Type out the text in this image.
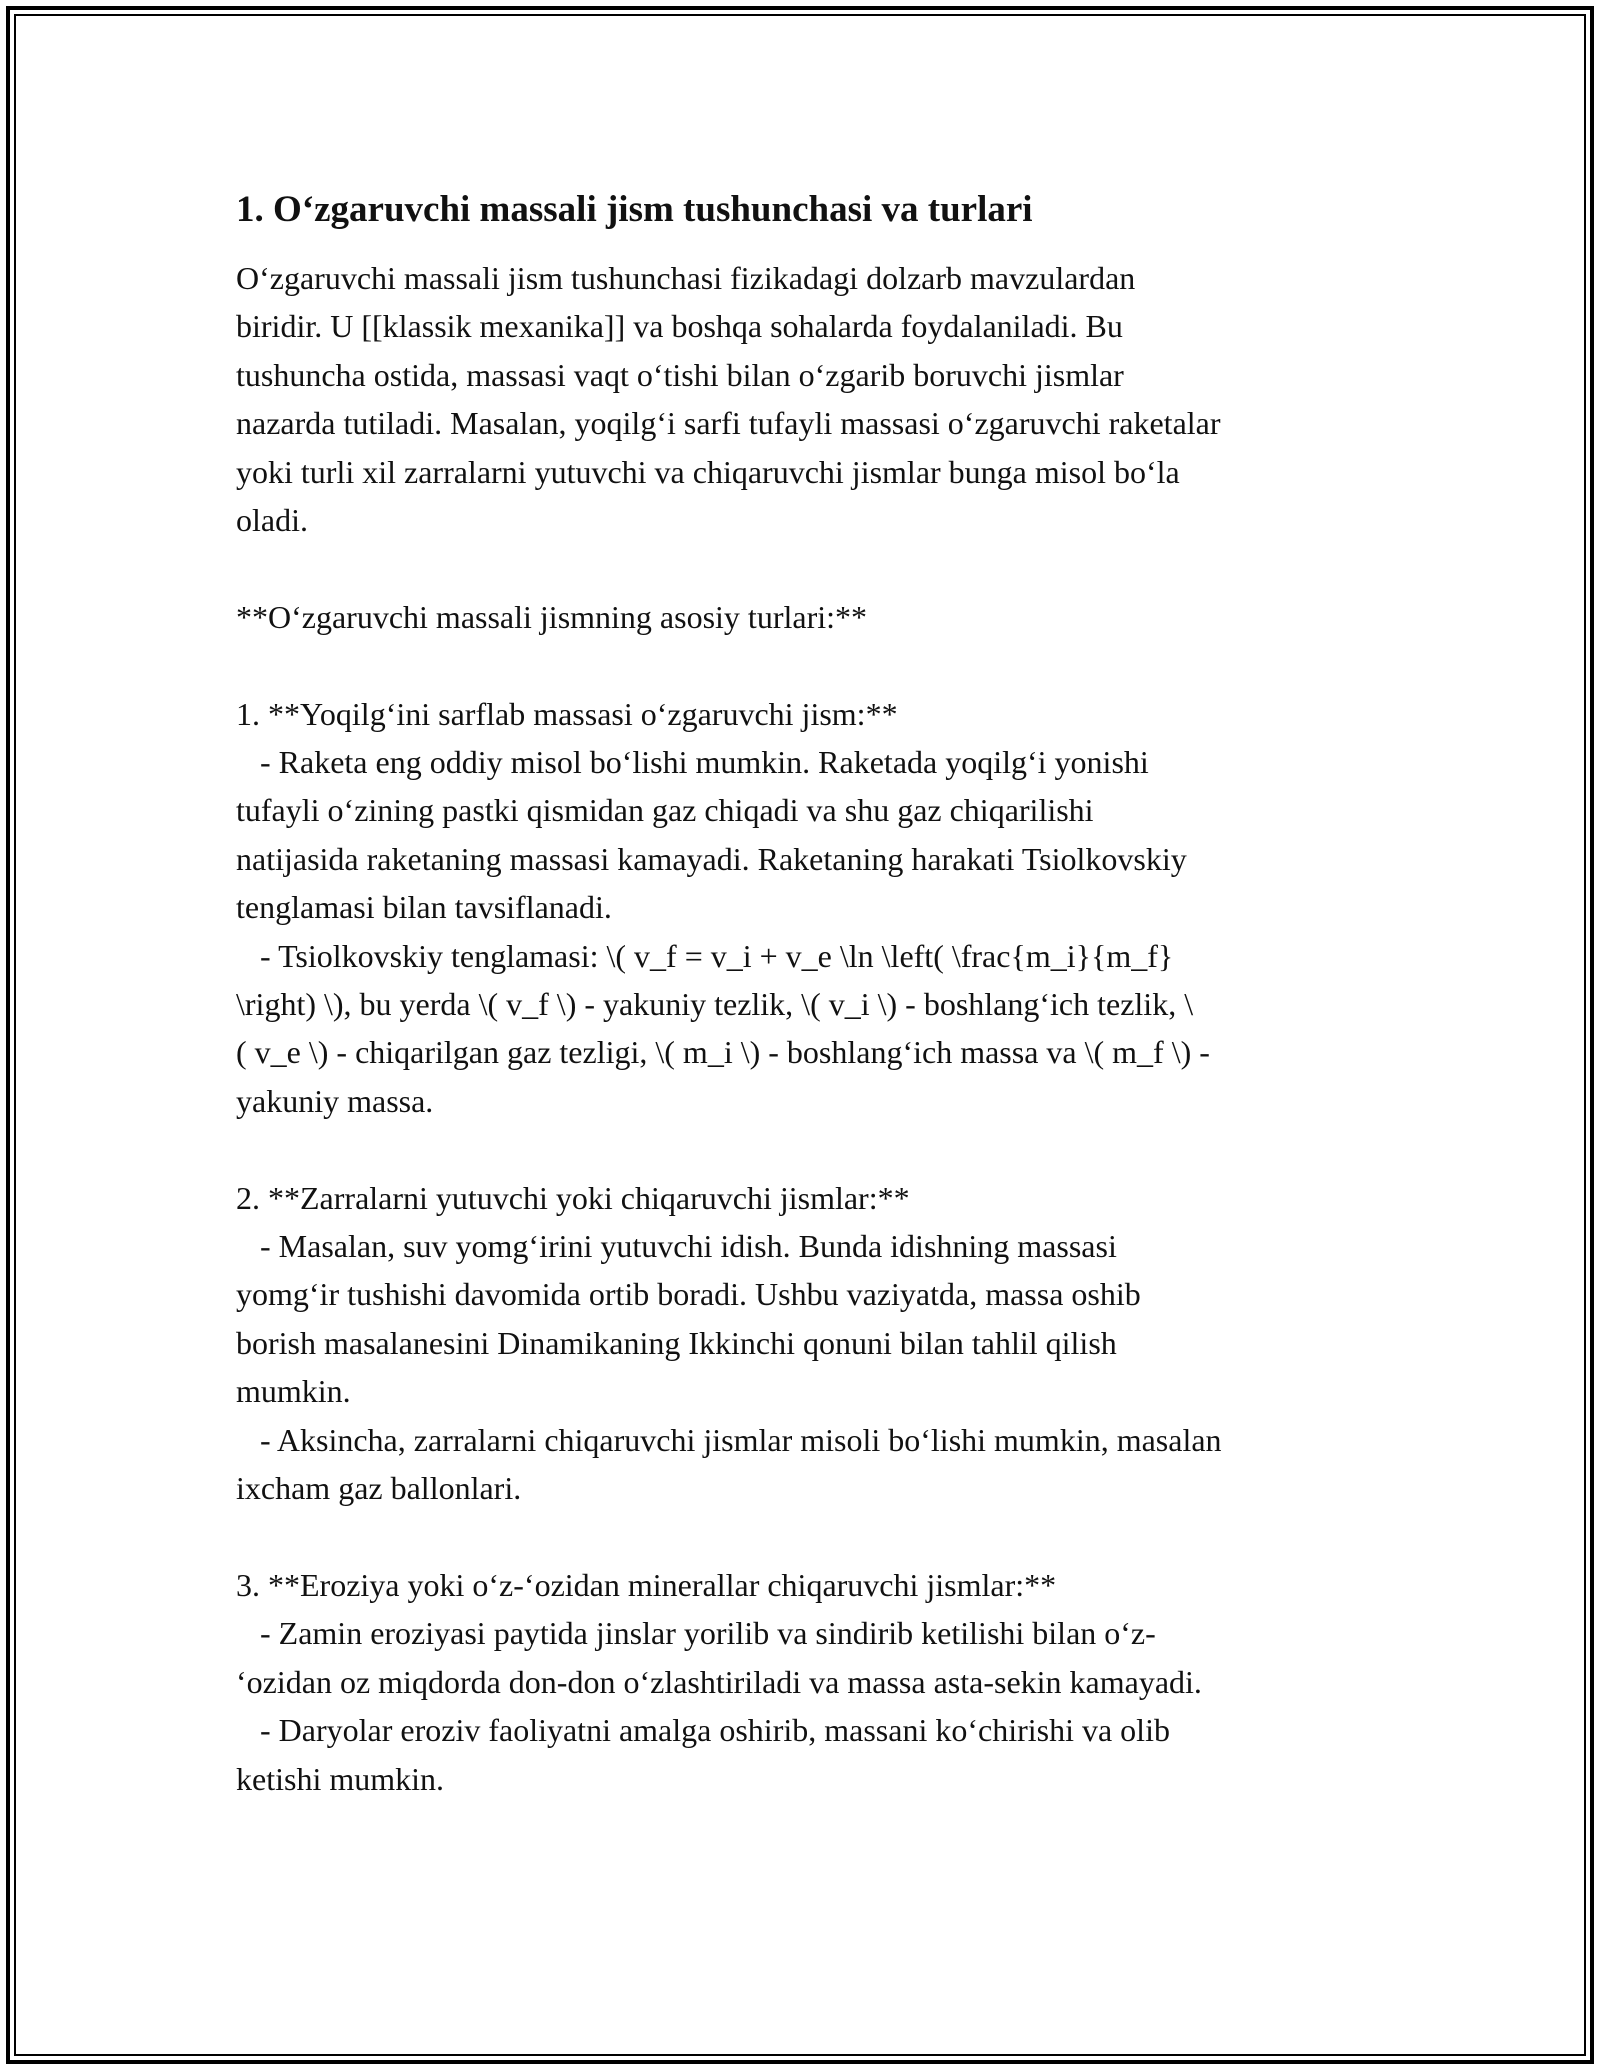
1. O‘zgaruvchi massali jism tushunchasi va turlari

O‘zgaruvchi massali jism tushunchasi fizikadagi dolzarb mavzulardan
biridir. U [[klassik mexanika]] va boshqa sohalarda foydalaniladi. Bu
tushuncha ostida, massasi vaqt o‘tishi bilan o‘zgarib boruvchi jismlar
nazarda tutiladi. Masalan, yoqilg‘i sarfi tufayli massasi o‘zgaruvchi raketalar
yoki turli xil zarralarni yutuvchi va chiqaruvchi jismlar bunga misol bo‘la
oladi.

**O‘zgaruvchi massali jismning asosiy turlari:**

1. **Yoqilg‘ini sarflab massasi o‘zgaruvchi jism:**
- Raketa eng oddiy misol bo‘lishi mumkin. Raketada yoqilg‘i yonishi
tufayli o‘zining pastki qismidan gaz chiqadi va shu gaz chiqarilishi
natijasida raketaning massasi kamayadi. Raketaning harakati Tsiolkovskiy
tenglamasi bilan tavsiflanadi.
- Tsiolkovskiy tenglamasi: \( v_f = v_i + v_e \ln \left( \frac{m_i}{m_f}
\right) \), bu yerda \( v_f \) - yakuniy tezlik, \( v_i \) - boshlang‘ich tezlik, \
( v_e \) - chiqarilgan gaz tezligi, \( m_i \) - boshlang‘ich massa va \( m_f \) -
yakuniy massa.

2. **Zarralarni yutuvchi yoki chiqaruvchi jismlar:**
- Masalan, suv yomg‘irini yutuvchi idish. Bunda idishning massasi
yomg‘ir tushishi davomida ortib boradi. Ushbu vaziyatda, massa oshib
borish masalanesini Dinamikaning Ikkinchi qonuni bilan tahlil qilish
mumkin.
- Aksincha, zarralarni chiqaruvchi jismlar misoli bo‘lishi mumkin, masalan
ixcham gaz ballonlari.

3. **Eroziya yoki o‘z-‘ozidan minerallar chiqaruvchi jismlar:**
- Zamin eroziyasi paytida jinslar yorilib va sindirib ketilishi bilan o‘z-
‘ozidan oz miqdorda don-don o‘zlashtiriladi va massa asta-sekin kamayadi.
- Daryolar eroziv faoliyatni amalga oshirib, massani ko‘chirishi va olib
ketishi mumkin.
